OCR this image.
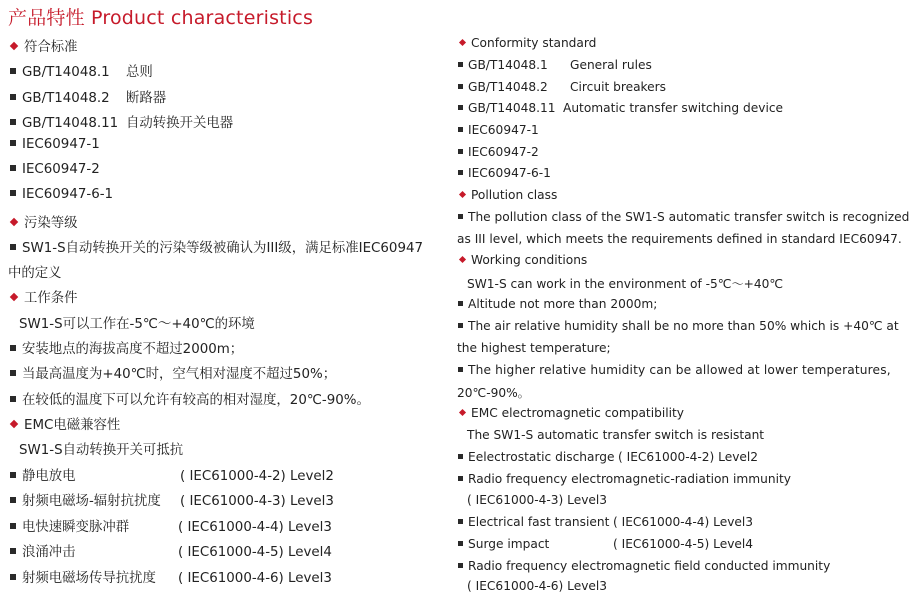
产品特性 Product characteristics
符合标准
GB/T14048.1 总则
GB/T14048.2 断路器
GB/T14048.11 自动转换开关电器
IEC60947-1
IEC60947-2
IEC60947-6-1
污染等级
SW1-S自动转换开关的污染等级被确认为III级，满足标准IEC60947
中的定义
工作条件
SW1-S可以工作在-5℃～+40℃的环境
安装地点的海拔高度不超过2000m；
当最高温度为+40℃时，空气相对湿度不超过50%；
在较低的温度下可以允许有较高的相对湿度，20℃-90%。
EMC电磁兼容性
SW1-S自动转换开关可抵抗
静电放电	( IEC61000-4-2) Level2
射频电磁场-辐射抗扰度 ( IEC61000-4-3) Level3
电快速瞬变脉冲群	( IEC61000-4-4) Level3
浪涌冲击	( IEC61000-4-5) Level4
射频电磁场传导抗扰度 ( IEC61000-4-6) Level3
Conformity standard
GB/T14048.1 General rules
GB/T14048.2 Circuit breakers
GB/T14048.11 Automatic transfer switching device
IEC60947-1
IEC60947-2
IEC60947-6-1
Pollution class
The pollution class of the SW1-S automatic transfer switch is recognized
as III level, which meets the requirements defined in standard IEC60947.
Working conditions
SW1-S can work in the environment of -5℃～+40℃
Altitude not more than 2000m;
The air relative humidity shall be no more than 50% which is +40℃ at
the highest temperature;
The higher relative humidity can be allowed at lower temperatures,
20℃-90%。
EMC electromagnetic compatibility
The SW1-S automatic transfer switch is resistant
Eelectrostatic discharge ( IEC61000-4-2) Level2
Radio frequency electromagnetic-radiation immunity
( IEC61000-4-3) Level3
Electrical fast transient ( IEC61000-4-4) Level3
Surge impact	( IEC61000-4-5) Level4
Radio frequency electromagnetic field conducted immunity
( IEC61000-4-6) Level3
